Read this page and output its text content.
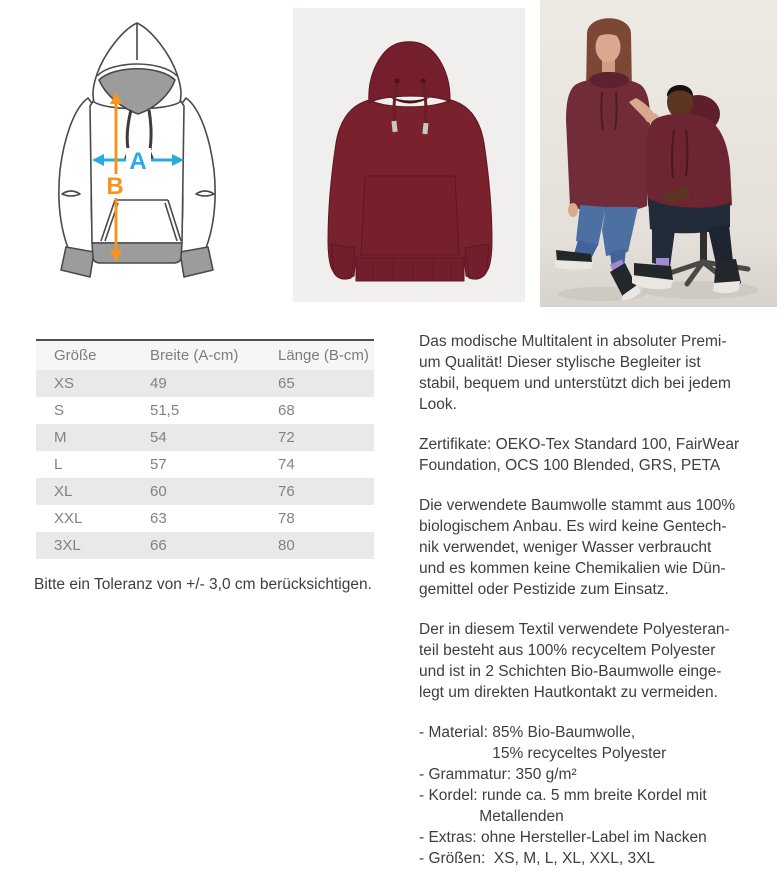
A
B
Größe	Breite (A-cm)	Länge (B-cm)
XS	49	65
S	51,5	68
M	54	72
L	57	74
XL	60	76
XXL	63	78
3XL	66	80
Bitte ein Toleranz von +/- 3,0 cm berücksichtigen.
Das modische Multitalent in absoluter Premi-
um Qualität! Dieser stylische Begleiter ist
stabil, bequem und unterstützt dich bei jedem
Look.
Zertifikate: OEKO-Tex Standard 100, FairWear
Foundation, OCS 100 Blended, GRS, PETA
Die verwendete Baumwolle stammt aus 100%
biologischem Anbau. Es wird keine Gentech-
nik verwendet, weniger Wasser verbraucht
und es kommen keine Chemikalien wie Dün-
gemittel oder Pestizide zum Einsatz.
Der in diesem Textil verwendete Polyesteran-
teil besteht aus 100% recyceltem Polyester
und ist in 2 Schichten Bio-Baumwolle einge-
legt um direkten Hautkontakt zu vermeiden.
- Material: 85% Bio-Baumwolle,
15% recyceltes Polyester
- Grammatur: 350 g/m²
- Kordel: runde ca. 5 mm breite Kordel mit
Metallenden
- Extras: ohne Hersteller-Label im Nacken
- Größen:  XS, M, L, XL, XXL, 3XL
